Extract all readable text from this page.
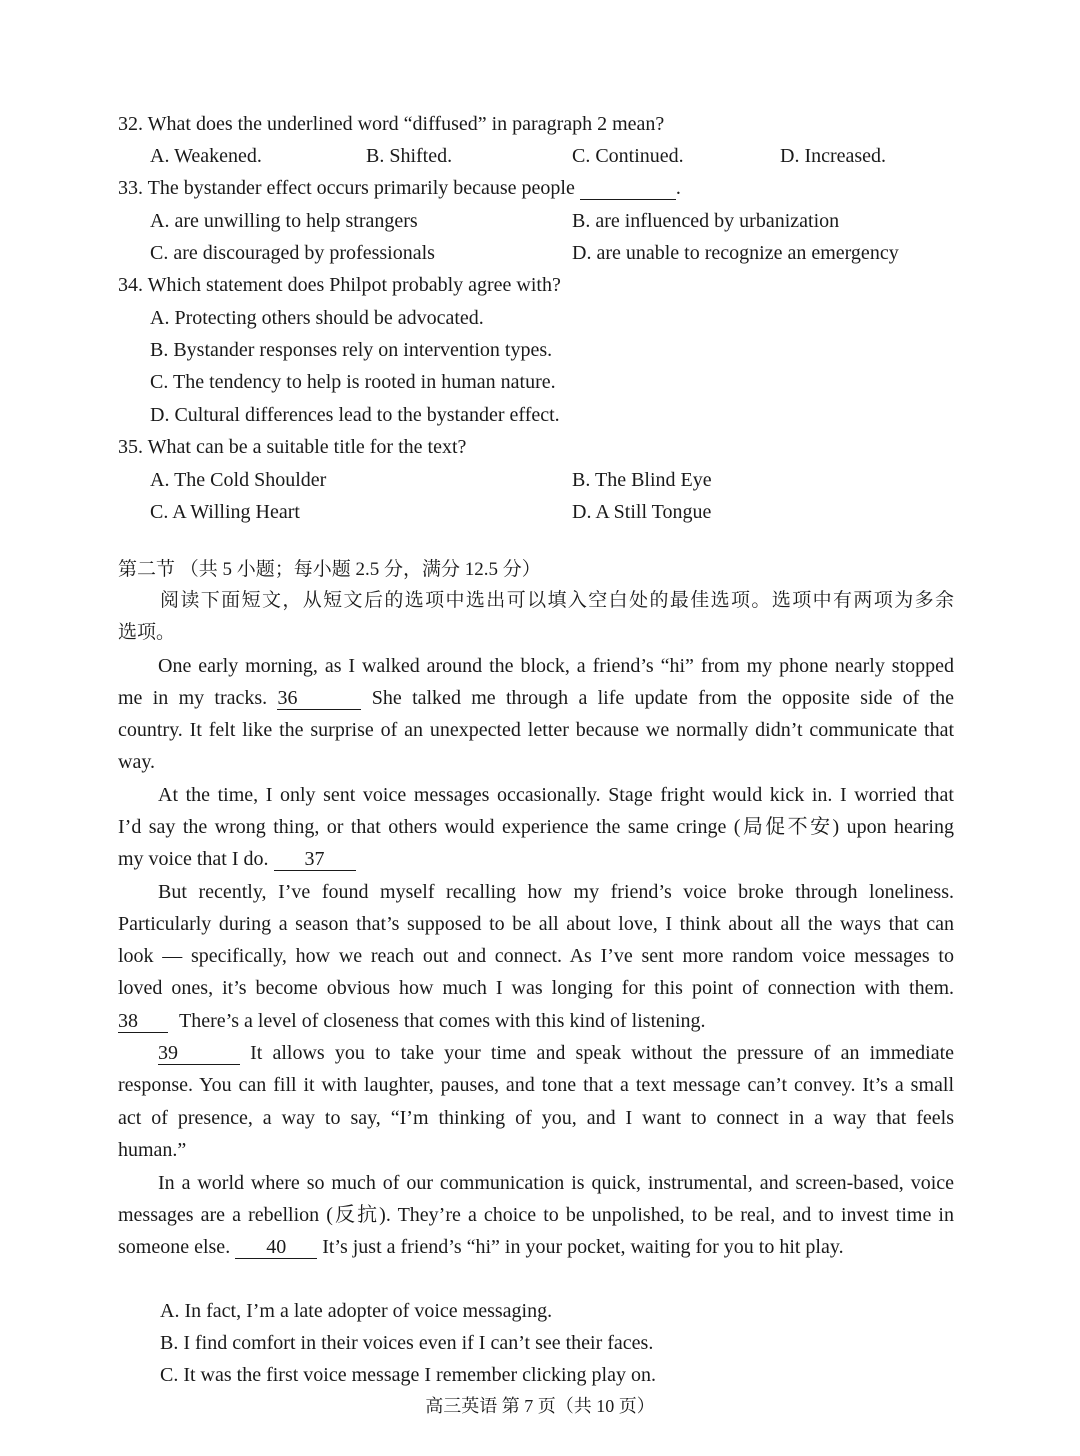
32. What does the underlined word “diffused” in paragraph 2 mean?
A. Weakened.	B. Shifted.	C. Continued.	D. Increased.
33. The bystander effect occurs primarily because people	.
A. are unwilling to help strangers	B. are influenced by urbanization
C. are discouraged by professionals	D. are unable to recognize an emergency
34. Which statement does Philpot probably agree with?
A. Protecting others should be advocated.
B. Bystander responses rely on intervention types.
C. The tendency to help is rooted in human nature.
D. Cultural differences lead to the bystander effect.
35. What can be a suitable title for the text?
A. The Cold Shoulder	B. The Blind Eye
C. A Willing Heart	D. A Still Tongue
第二节 （共 5 小题；每小题 2.5 分，满分 12.5 分）
阅读下面短文，从短文后的选项中选出可以填入空白处的最佳选项。选项中有两项为多余
选项。
One early morning, as I walked around the block, a friend’s “hi” from my phone nearly stopped
me in my tracks. 36	She talked me through a life update from the opposite side of the
country. It felt like the surprise of an unexpected letter because we normally didn’t communicate that
way.
At the time, I only sent voice messages occasionally. Stage fright would kick in. I worried that
I’d say the wrong thing, or that others would experience the same cringe (局促不安) upon hearing
my voice that I do. 37
But recently, I’ve found myself recalling how my friend’s voice broke through loneliness.
Particularly during a season that’s supposed to be all about love, I think about all the ways that can
look — specifically, how we reach out and connect. As I’ve sent more random voice messages to
loved ones, it’s become obvious how much I was longing for this point of connection with them.
38 There’s a level of closeness that comes with this kind of listening.
39	It allows you to take your time and speak without the pressure of an immediate
response. You can fill it with laughter, pauses, and tone that a text message can’t convey. It’s a small
act of presence, a way to say, “I’m thinking of you, and I want to connect in a way that feels
human.”
In a world where so much of our communication is quick, instrumental, and screen-based, voice
messages are a rebellion (反抗). They’re a choice to be unpolished, to be real, and to invest time in
someone else. 40 It’s just a friend’s “hi” in your pocket, waiting for you to hit play.
A. In fact, I’m a late adopter of voice messaging.
B. I find comfort in their voices even if I can’t see their faces.
C. It was the first voice message I remember clicking play on.
高三英语 第 7 页（共 10 页）
